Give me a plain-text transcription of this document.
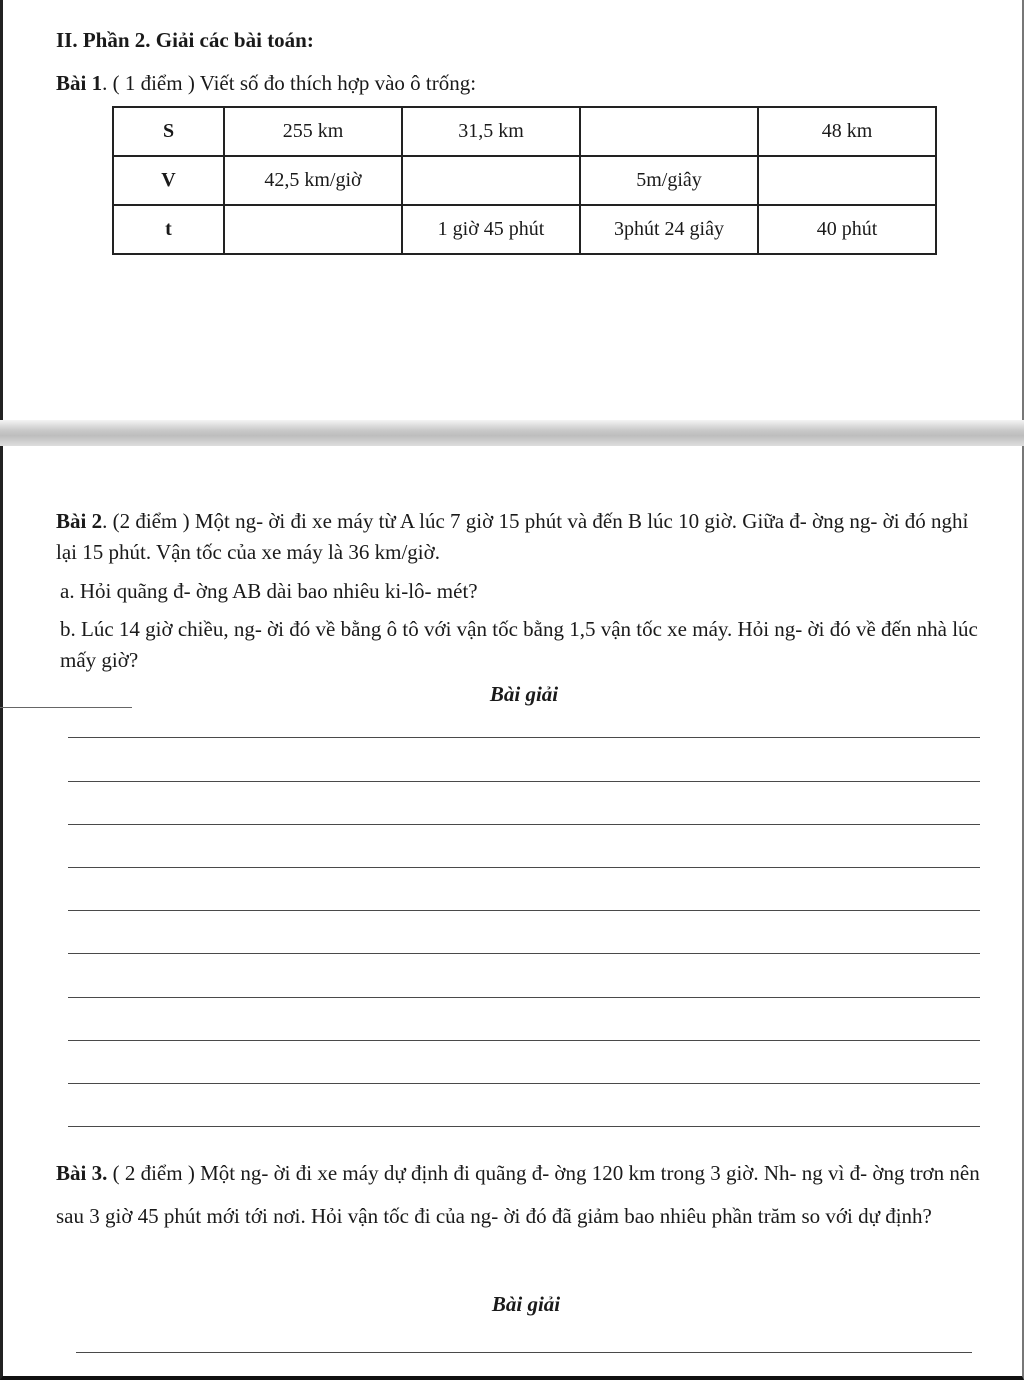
II. Phần 2. Giải các bài toán:
Bài 1. ( 1 điểm ) Viết số đo thích hợp vào ô trống:
S	255 km	31,5 km		48 km
V	42,5 km/giờ		5m/giây	
t		1 giờ 45 phút	3phút 24 giây	40 phút
Bài 2. (2 điểm ) Một ng- ời đi xe máy từ A lúc 7 giờ 15 phút và đến B lúc 10 giờ. Giữa đ- ờng ng- ời đó nghỉ lại 15 phút. Vận tốc của xe máy là 36 km/giờ.
a. Hỏi quãng đ- ờng AB dài bao nhiêu ki-lô- mét?
b. Lúc 14 giờ chiều, ng- ời đó về bằng ô tô với vận tốc bằng 1,5 vận tốc xe máy. Hỏi ng- ời đó về đến nhà lúc mấy giờ?
Bài giải
Bài 3. ( 2 điểm ) Một ng- ời đi xe máy dự định đi quãng đ- ờng 120 km trong 3 giờ. Nh- ng vì đ- ờng trơn nên sau 3 giờ 45 phút mới tới nơi. Hỏi vận tốc đi của ng- ời đó đã giảm bao nhiêu phần trăm so với dự định?
Bài giải
